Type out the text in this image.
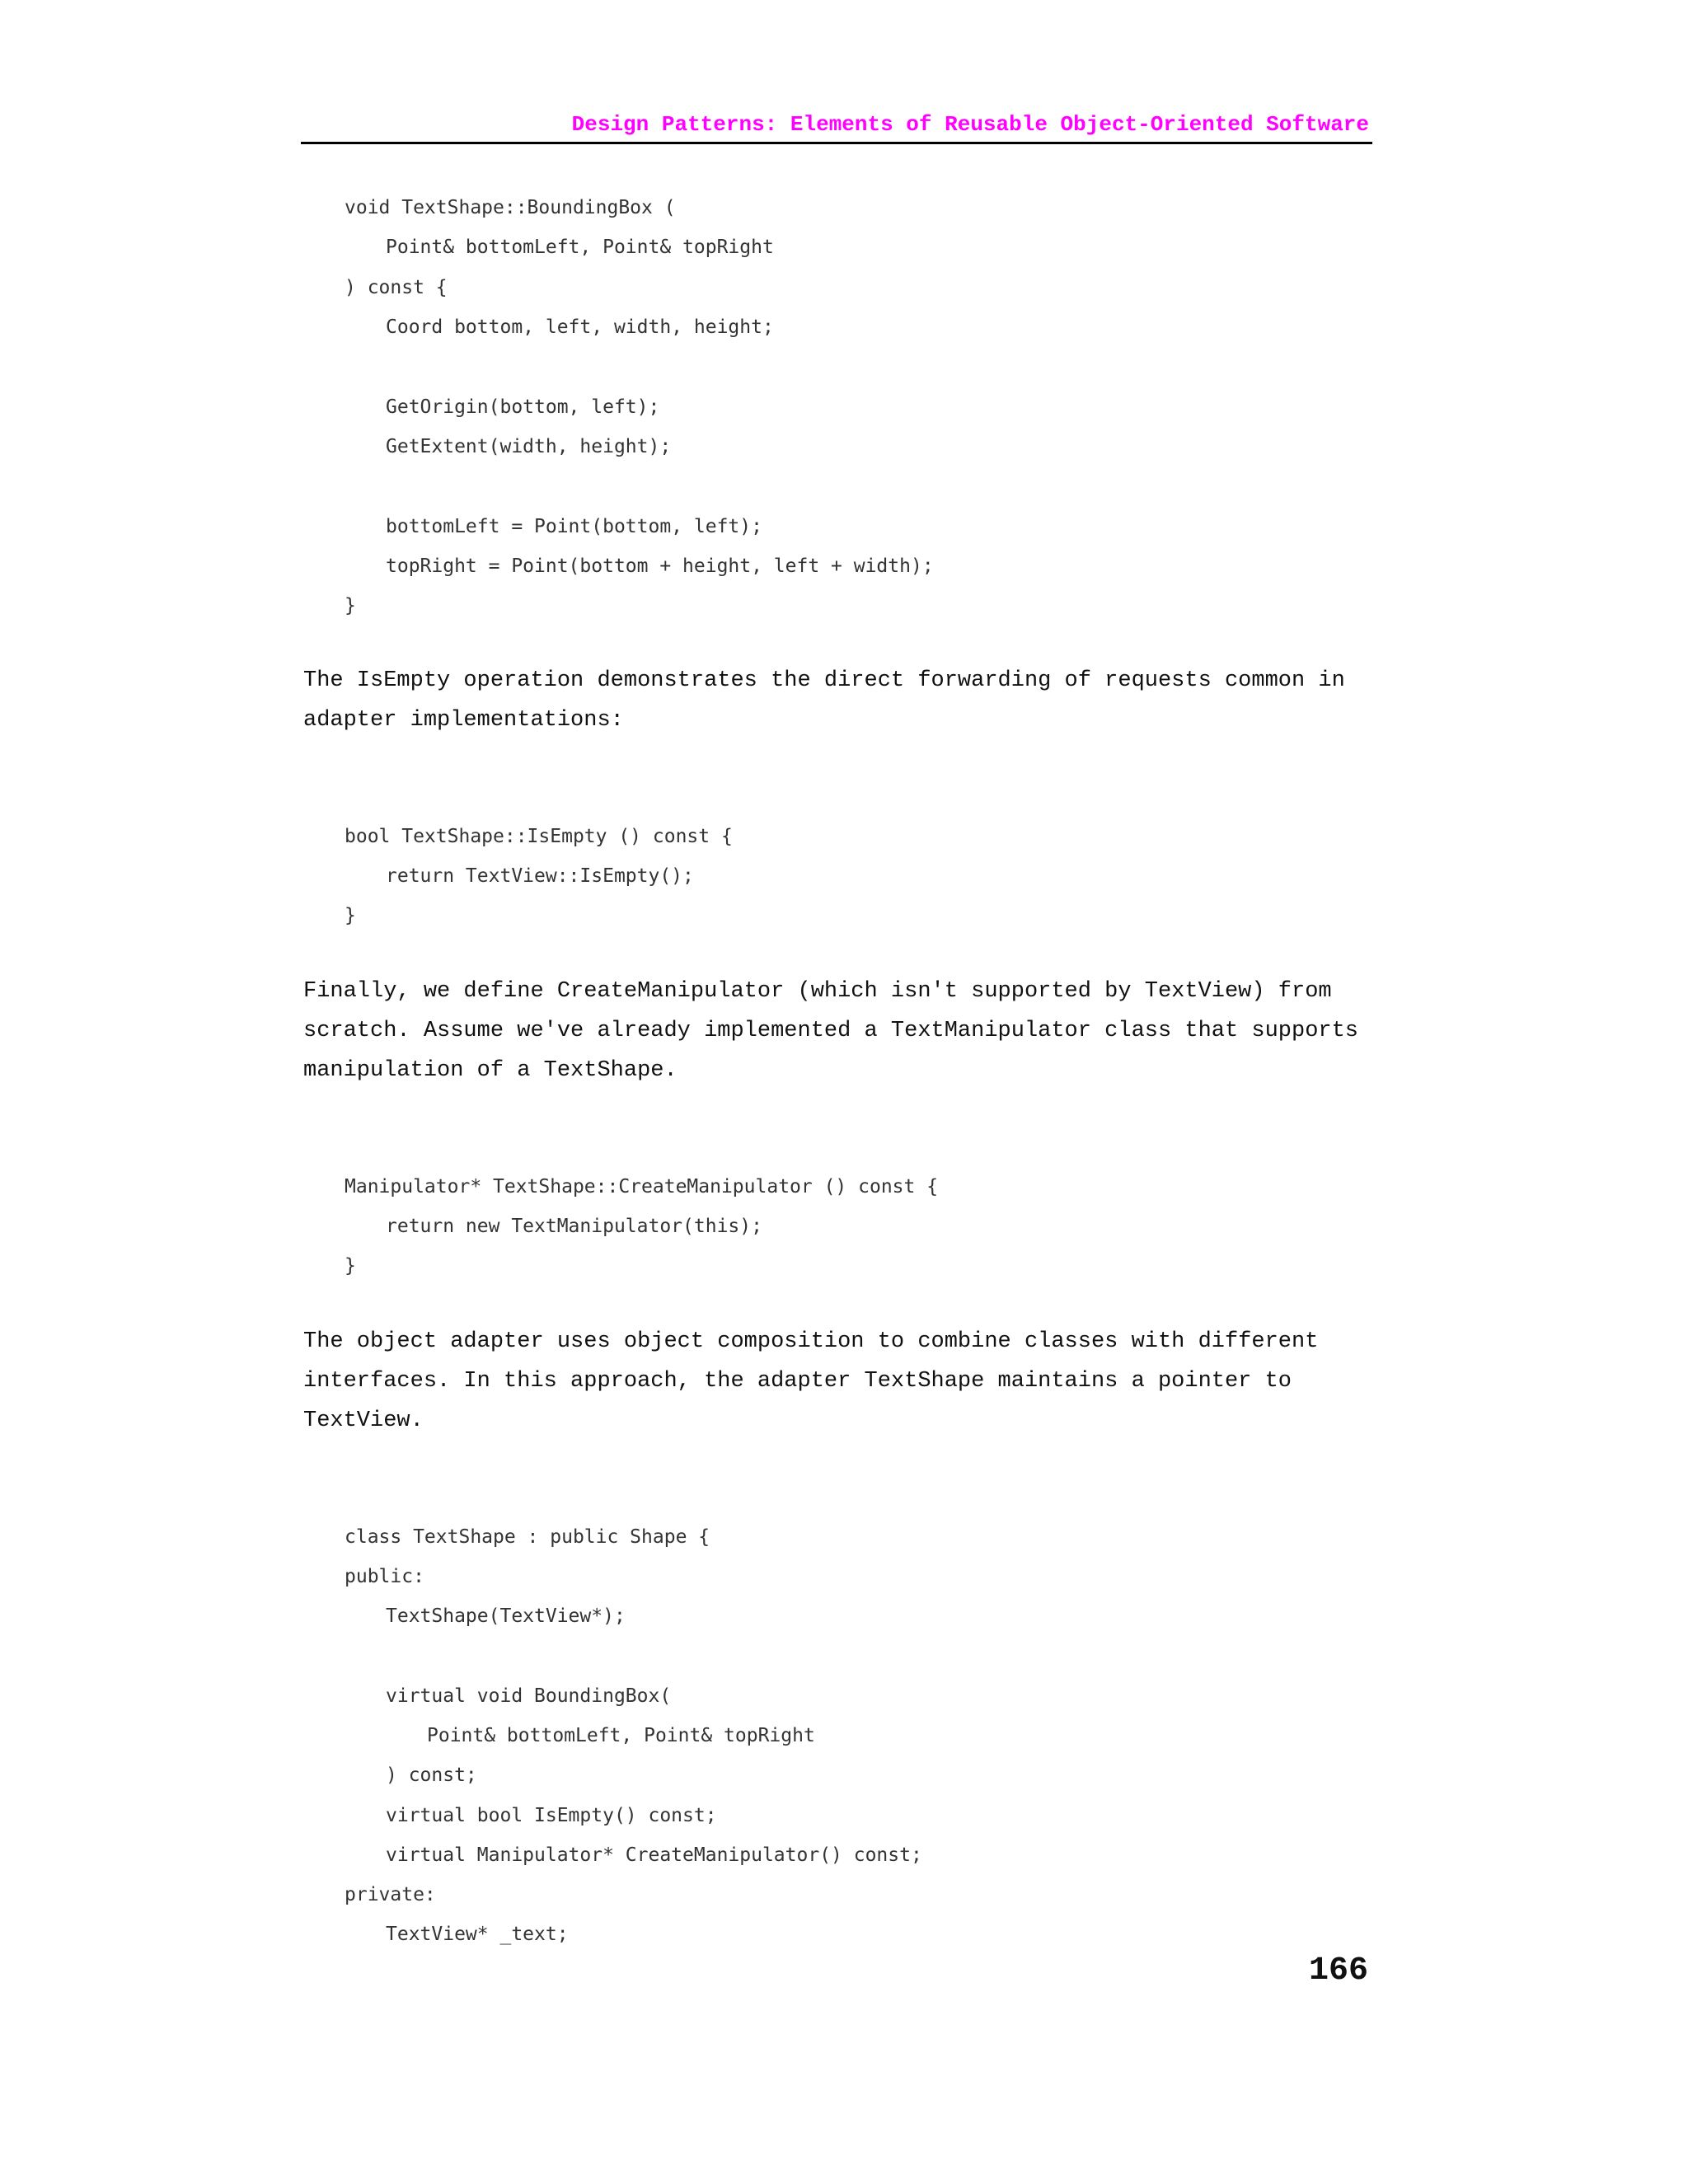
Design Patterns: Elements of Reusable Object-Oriented Software
void TextShape::BoundingBox (
Point& bottomLeft, Point& topRight
) const {
Coord bottom, left, width, height;
GetOrigin(bottom, left);
GetExtent(width, height);
bottomLeft = Point(bottom, left);
topRight = Point(bottom + height, left + width);
}
The IsEmpty operation demonstrates the direct forwarding of requests common in
adapter implementations:
bool TextShape::IsEmpty () const {
return TextView::IsEmpty();
}
Finally, we define CreateManipulator (which isn't supported by TextView) from
scratch. Assume we've already implemented a TextManipulator class that supports
manipulation of a TextShape.
Manipulator* TextShape::CreateManipulator () const {
return new TextManipulator(this);
}
The object adapter uses object composition to combine classes with different
interfaces. In this approach, the adapter TextShape maintains a pointer to
TextView.
class TextShape : public Shape {
public:
TextShape(TextView*);
virtual void BoundingBox(
Point& bottomLeft, Point& topRight
) const;
virtual bool IsEmpty() const;
virtual Manipulator* CreateManipulator() const;
private:
TextView* _text;
166
